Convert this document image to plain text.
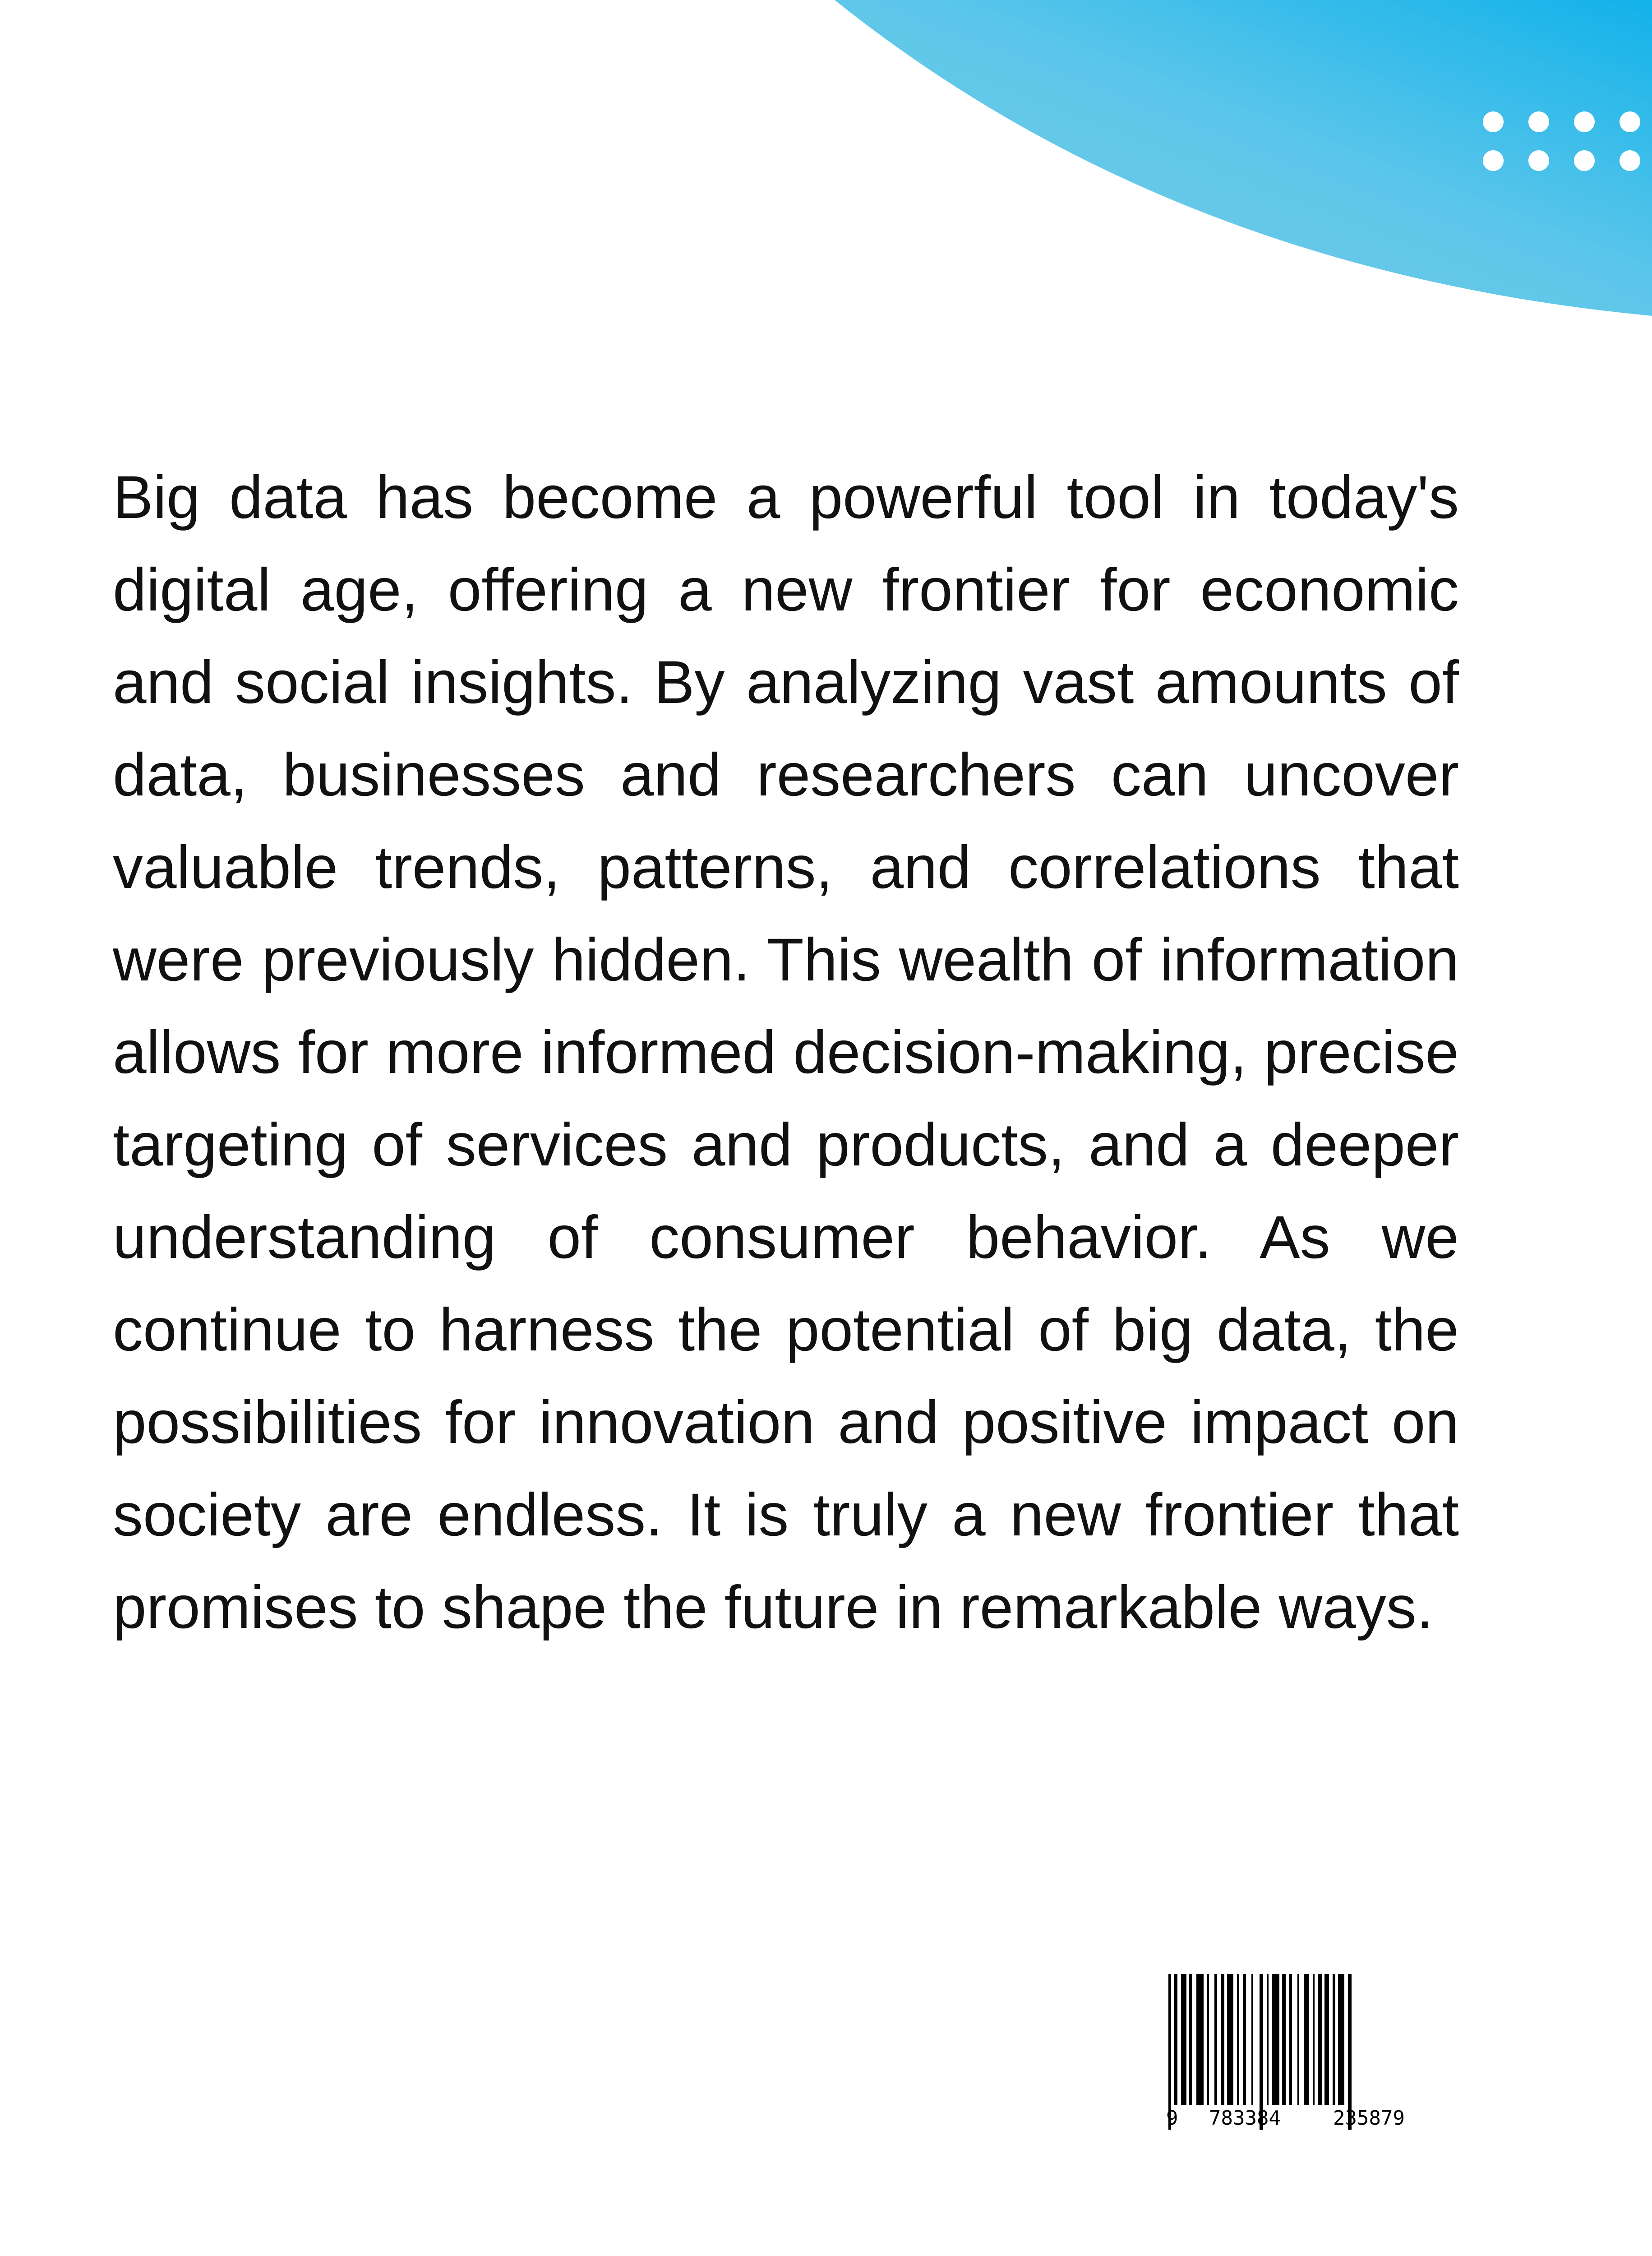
Big data has become a powerful tool in today's digital age, offering a new frontier for economic and social insights. By analyzing vast amounts of data, businesses and researchers can uncover valuable trends, patterns, and correlations that were previously hidden. This wealth of information allows for more informed decision-making, precise targeting of services and products, and a deeper understanding of consumer behavior. As we continue to harness the potential of big data, the possibilities for innovation and positive impact on society are endless. It is truly a new frontier that promises to shape the future in remarkable ways.

9 783384	235879
